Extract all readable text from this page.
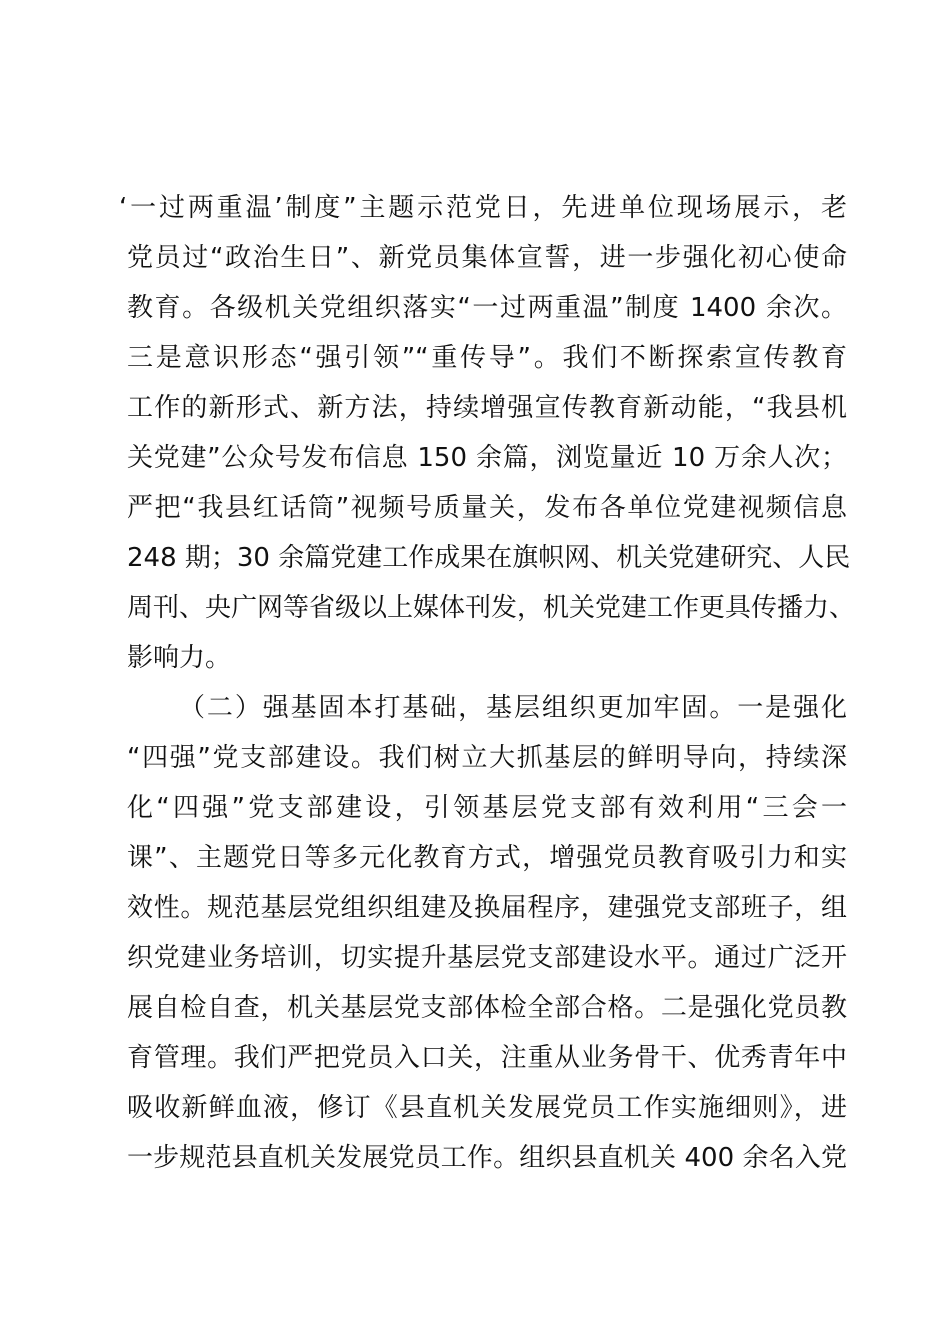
‘一过两重温’制度”主题示范党日，先进单位现场展示，老
党员过“政治生日”、新党员集体宣誓，进一步强化初心使命
教育。各级机关党组织落实“一过两重温”制度 1400 余次。
三是意识形态“强引领”“重传导”。我们不断探索宣传教育
工作的新形式、新方法，持续增强宣传教育新动能，“我县机
关党建”公众号发布信息 150 余篇，浏览量近 10 万余人次；
严把“我县红话筒”视频号质量关，发布各单位党建视频信息
248 期；30 余篇党建工作成果在旗帜网、机关党建研究、人民
周刊、央广网等省级以上媒体刊发，机关党建工作更具传播力、
影响力。
（二）强基固本打基础，基层组织更加牢固。一是强化
“四强”党支部建设。我们树立大抓基层的鲜明导向，持续深
化“四强”党支部建设，引领基层党支部有效利用“三会一
课”、主题党日等多元化教育方式，增强党员教育吸引力和实
效性。规范基层党组织组建及换届程序，建强党支部班子，组
织党建业务培训，切实提升基层党支部建设水平。通过广泛开
展自检自查，机关基层党支部体检全部合格。二是强化党员教
育管理。我们严把党员入口关，注重从业务骨干、优秀青年中
吸收新鲜血液，修订《县直机关发展党员工作实施细则》，进
一步规范县直机关发展党员工作。组织县直机关 400 余名入党
